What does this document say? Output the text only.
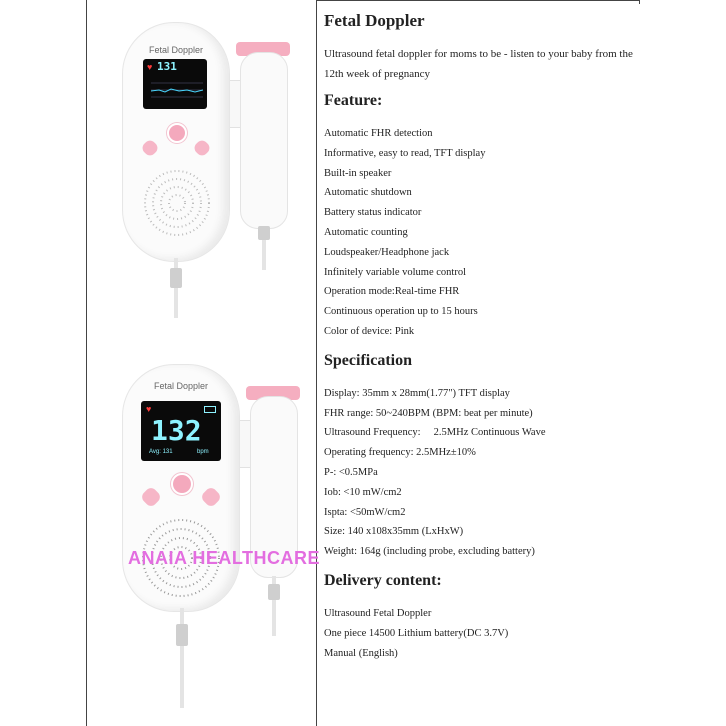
Fetal Doppler
♥ 131
Fetal Doppler
♥
132
Avg: 131	bpm
ANAIA HEALTHCARE
Fetal Doppler

Ultrasound fetal doppler for moms to be - listen to your baby from the 12th week of pregnancy

Feature:
Automatic FHR detection
Informative, easy to read, TFT display
Built-in speaker
Automatic shutdown
Battery status indicator
Automatic counting
Loudspeaker/Headphone jack
Infinitely variable volume control
Operation mode:Real-time FHR
Continuous operation up to 15 hours
Color of device: Pink
Specification
Display: 35mm x 28mm(1.77") TFT display
FHR range: 50~240BPM (BPM: beat per minute)
Ultrasound Frequency:     2.5MHz Continuous Wave
Operating frequency: 2.5MHz±10%
P-: <0.5MPa
Iob: <10 mW/cm2
Ispta: <50mW/cm2
Size: 140 x108x35mm (LxHxW)
Weight: 164g (including probe, excluding battery)
Delivery content:
Ultrasound Fetal Doppler
One piece 14500 Lithium battery(DC 3.7V)
Manual (English)
